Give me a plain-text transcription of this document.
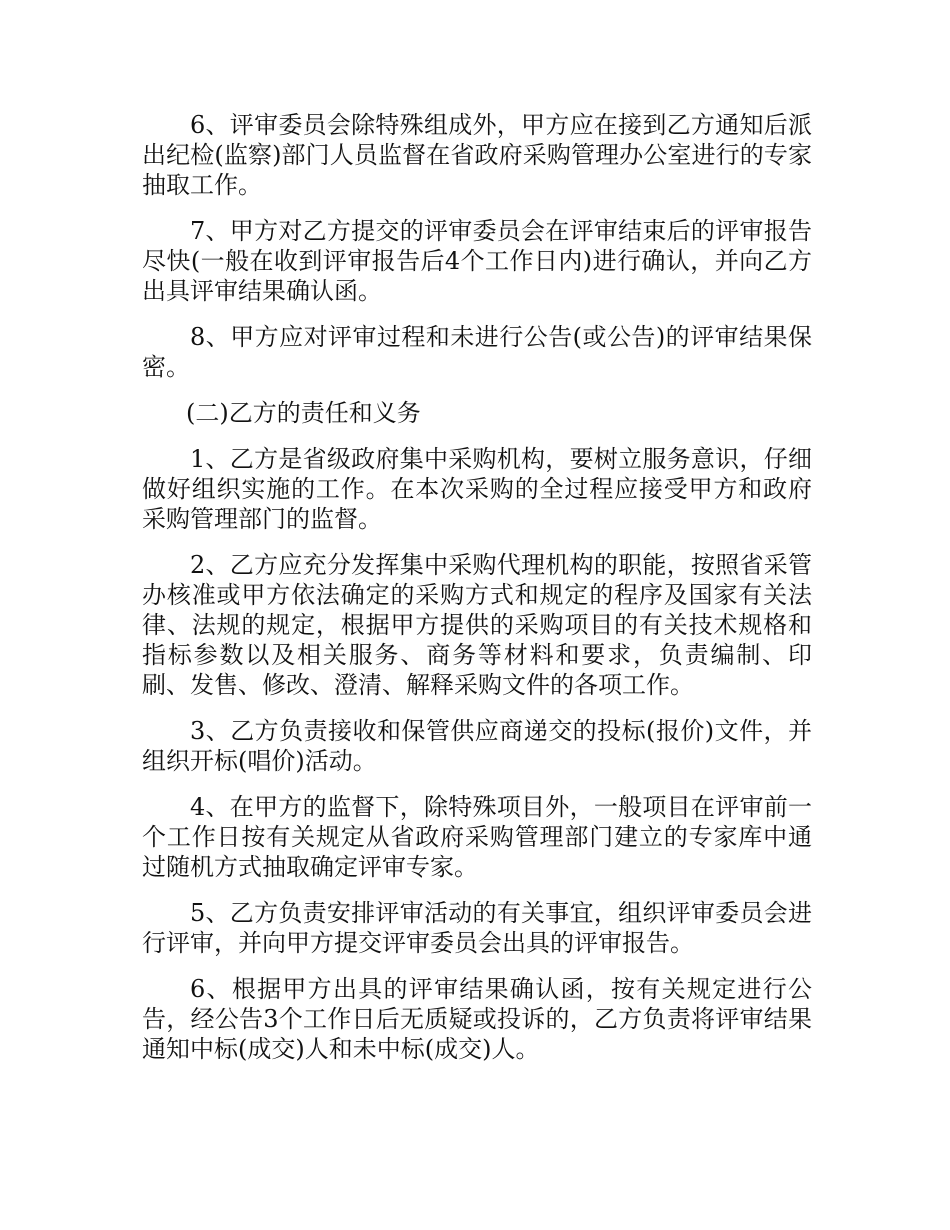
6、评审委员会除特殊组成外，甲方应在接到乙方通知后派出纪检(监察)部门人员监督在省政府采购管理办公室进行的专家抽取工作。

7、甲方对乙方提交的评审委员会在评审结束后的评审报告尽快(一般在收到评审报告后4个工作日内)进行确认，并向乙方出具评审结果确认函。

8、甲方应对评审过程和未进行公告(或公告)的评审结果保密。

(二)乙方的责任和义务

1、乙方是省级政府集中采购机构，要树立服务意识，仔细做好组织实施的工作。在本次采购的全过程应接受甲方和政府采购管理部门的监督。

2、乙方应充分发挥集中采购代理机构的职能，按照省采管办核准或甲方依法确定的采购方式和规定的程序及国家有关法律、法规的规定，根据甲方提供的采购项目的有关技术规格和指标参数以及相关服务、商务等材料和要求，负责编制、印刷、发售、修改、澄清、解释采购文件的各项工作。

3、乙方负责接收和保管供应商递交的投标(报价)文件，并组织开标(唱价)活动。

4、在甲方的监督下，除特殊项目外，一般项目在评审前一个工作日按有关规定从省政府采购管理部门建立的专家库中通过随机方式抽取确定评审专家。

5、乙方负责安排评审活动的有关事宜，组织评审委员会进行评审，并向甲方提交评审委员会出具的评审报告。

6、根据甲方出具的评审结果确认函，按有关规定进行公告，经公告3个工作日后无质疑或投诉的，乙方负责将评审结果通知中标(成交)人和未中标(成交)人。
